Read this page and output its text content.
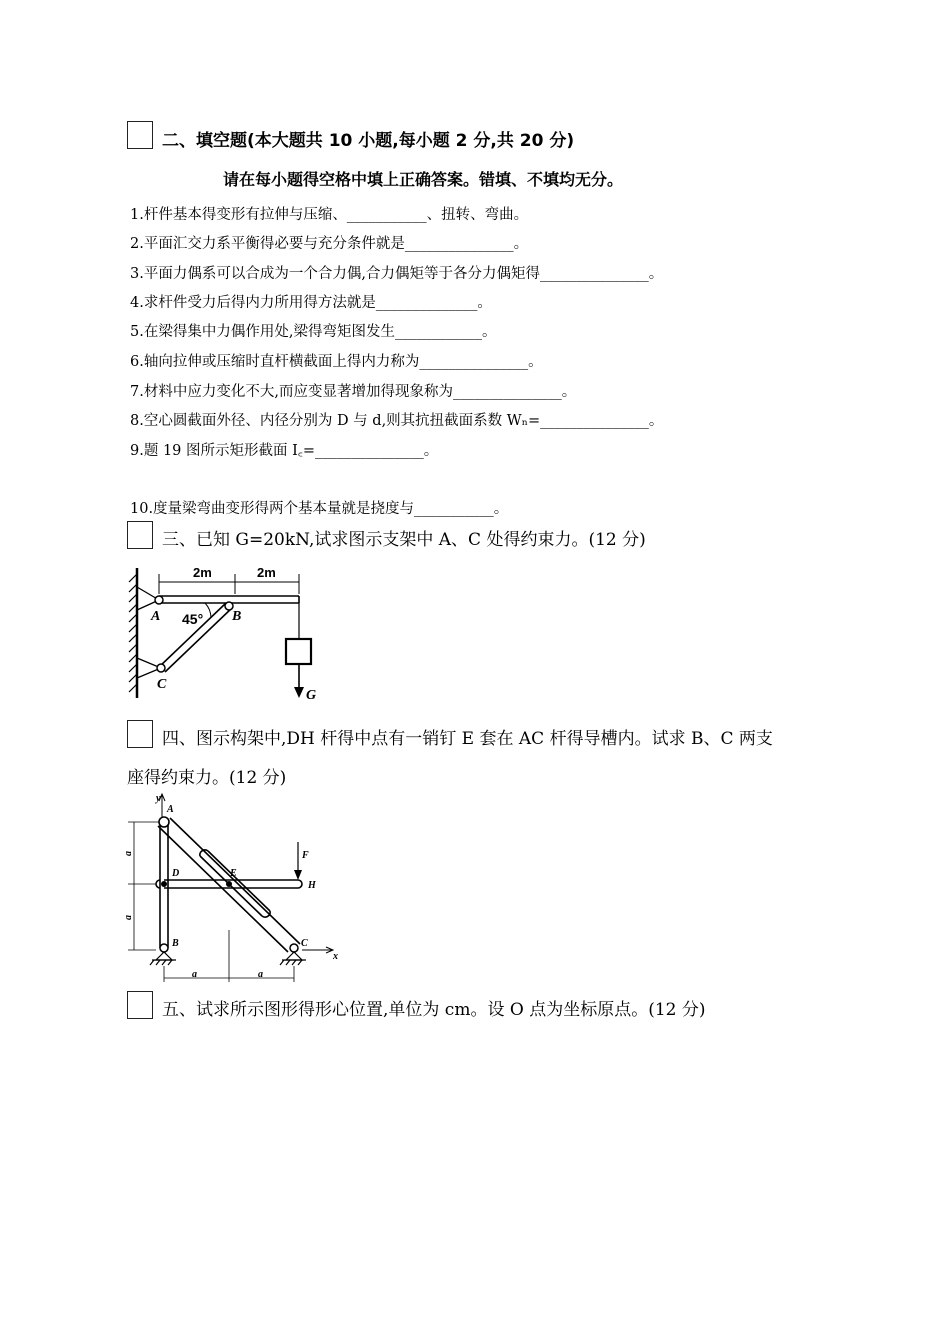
二、填空题(本大题共 10 小题,每小题 2 分,共 20 分)
请在每小题得空格中填上正确答案。错填、不填均无分。
1.杆件基本得变形有拉伸与压缩、___________、扭转、弯曲。
2.平面汇交力系平衡得必要与充分条件就是_______________。
3.平面力偶系可以合成为一个合力偶,合力偶矩等于各分力偶矩得_______________。
4.求杆件受力后得内力所用得方法就是______________。
5.在梁得集中力偶作用处,梁得弯矩图发生____________。
6.轴向拉伸或压缩时直杆横截面上得内力称为_______________。
7.材料中应力变化不大,而应变显著增加得现象称为_______________。
8.空心圆截面外径、内径分别为 D 与 d,则其抗扭截面系数 Wₙ=_______________。
9.题 19 图所示矩形截面 I꜀=_______________。
10.度量梁弯曲变形得两个基本量就是挠度与___________。
三、已知 G=20kN,试求图示支架中 A、C 处得约束力。(12 分)
2m	2m
A 45° B
C
G
四、图示构架中,DH 杆得中点有一销钉 E 套在 AC 杆得导槽内。试求 B、C 两支
座得约束力。(12 分)
y
x
a
a
a	a
A
D	E
F
H
B	C
五、试求所示图形得形心位置,单位为 cm。设 O 点为坐标原点。(12 分)
